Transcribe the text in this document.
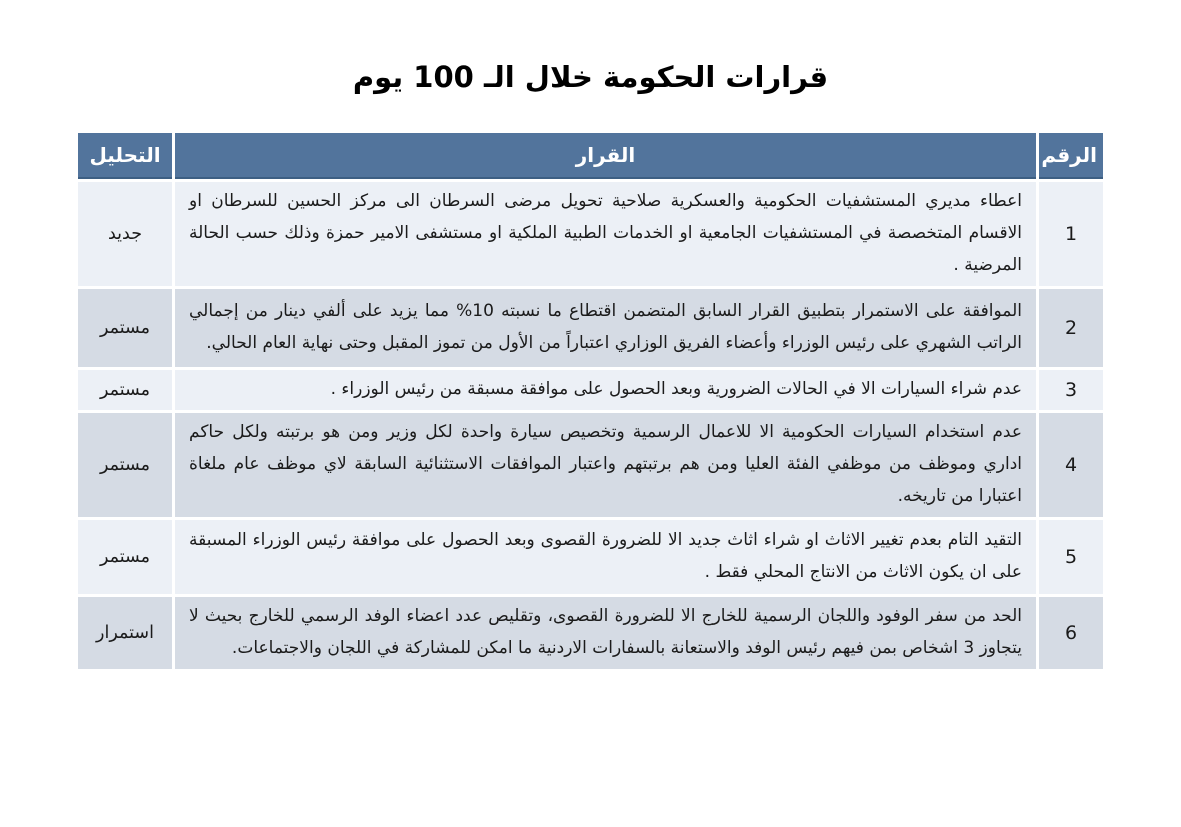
قرارات الحكومة خلال الـ 100 يوم
الرقم	القرار	التحليل
1	اعطاء مديري المستشفيات الحكومية والعسكرية صلاحية تحويل مرضى السرطان الى مركز الحسين للسرطان او الاقسام المتخصصة في المستشفيات الجامعية او الخدمات الطبية الملكية او مستشفى الامير حمزة وذلك حسب الحالة المرضية .	جديد
2	الموافقة على الاستمرار بتطبيق القرار السابق المتضمن اقتطاع ما نسبته 10% مما يزيد على ألفي دينار من إجمالي الراتب الشهري على رئيس الوزراء وأعضاء الفريق الوزاري اعتباراً من الأول من تموز المقبل وحتى نهاية العام الحالي.	مستمر
3	عدم شراء السيارات الا في الحالات الضرورية وبعد الحصول على موافقة مسبقة من رئيس الوزراء .	مستمر
4	عدم استخدام السيارات الحكومية الا للاعمال الرسمية وتخصيص سيارة واحدة لكل وزير ومن هو برتبته ولكل حاكم اداري وموظف من موظفي الفئة العليا ومن هم برتبتهم واعتبار الموافقات الاستثنائية السابقة لاي موظف عام ملغاة اعتبارا من تاريخه.	مستمر
5	التقيد التام بعدم تغيير الاثاث او شراء اثاث جديد الا للضرورة القصوى وبعد الحصول على موافقة رئيس الوزراء المسبقة على ان يكون الاثاث من الانتاج المحلي فقط .	مستمر
6	الحد من سفر الوفود واللجان الرسمية للخارج الا للضرورة القصوى، وتقليص عدد اعضاء الوفد الرسمي للخارج بحيث لا يتجاوز 3 اشخاص بمن فيهم رئيس الوفد والاستعانة بالسفارات الاردنية ما امكن للمشاركة في اللجان والاجتماعات.	استمرار
